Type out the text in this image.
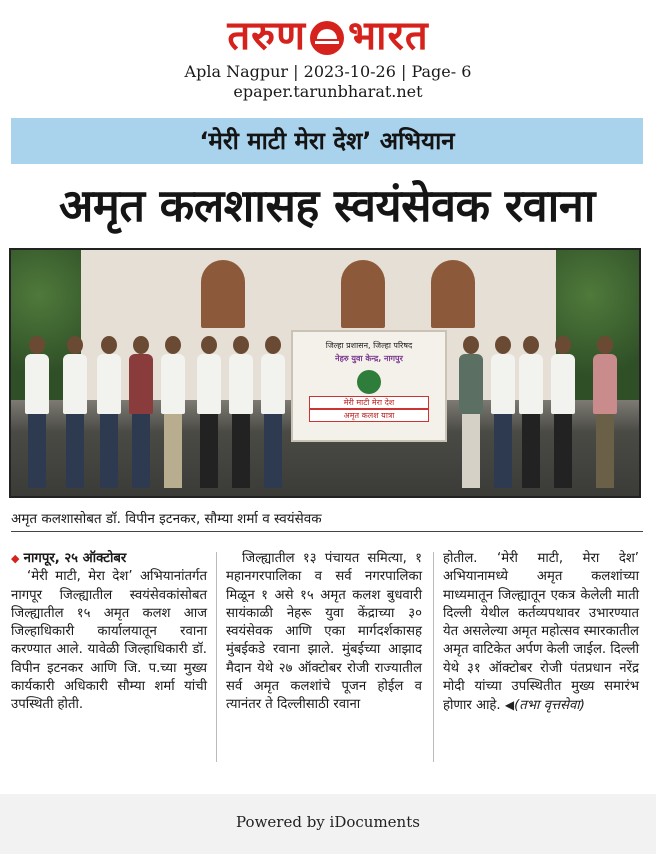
तरुण भारत
Apla Nagpur | 2023-10-26 | Page- 6
epaper.tarunbharat.net
‘मेरी माटी मेरा देश’ अभियान
अमृत कलशासह स्वयंसेवक रवाना
जिल्हा प्रशासन, जिल्हा परिषद
नेहरु युवा केन्द्र, नागपुर
मेरी माटी मेरा देश
अमृत कलश यात्रा
अमृत कलशासोबत डॉ. विपीन इटनकर, सौम्या शर्मा व स्वयंसेवक
◆ नागपूर, २५ ऑक्टोबर
‘मेरी माटी, मेरा देश’ अभियानांतर्गत नागपूर जिल्ह्यातील स्वयंसेवकांसोबत जिल्ह्यातील १५ अमृत कलश आज जिल्हाधिकारी कार्यालयातून रवाना करण्यात आले. यावेळी जिल्हाधिकारी डॉ. विपीन इटनकर आणि जि. प.च्या मुख्य कार्यकारी अधिकारी सौम्या शर्मा यांची उपस्थिती होती.
जिल्ह्यातील १३ पंचायत समित्या, १ महानगरपालिका व सर्व नगरपालिका मिळून १ असे १५ अमृत कलश बुधवारी सायंकाळी नेहरू युवा केंद्राच्या ३० स्वयंसेवक आणि एका मार्गदर्शकासह मुंबईकडे रवाना झाले. मुंबईच्या आझाद मैदान येथे २७ ऑक्टोबर रोजी राज्यातील सर्व अमृत कलशांचे पूजन होईल व त्यानंतर ते दिल्लीसाठी रवाना
होतील. ‘मेरी माटी, मेरा देश’ अभियानामध्ये अमृत कलशांच्या माध्यमातून जिल्ह्यातून एकत्र केलेली माती दिल्ली येथील कर्तव्यपथावर उभारण्यात येत असलेल्या अमृत महोत्सव स्मारकातील अमृत वाटिकेत अर्पण केली जाईल. दिल्ली येथे ३१ ऑक्टोबर रोजी पंतप्रधान नरेंद्र मोदी यांच्या उपस्थितीत मुख्य समारंभ होणार आहे. ◀(तभा वृत्तसेवा)
Powered by iDocuments
